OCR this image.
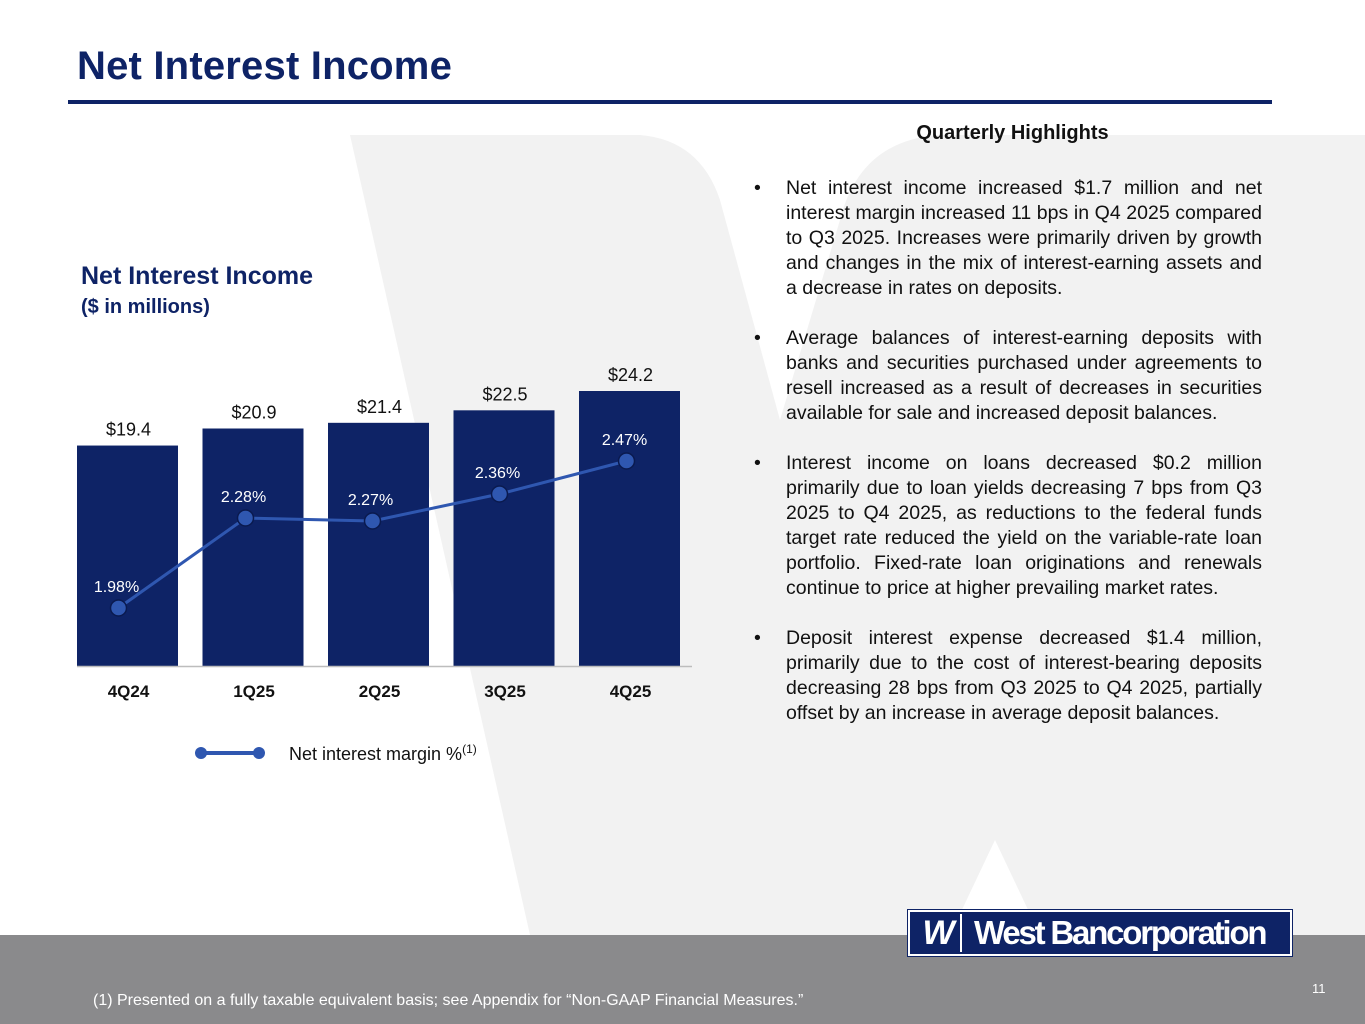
Net Interest Income
Net Interest Income
($ in millions)
$19.4
4Q24
$20.9
1Q25
$21.4
2Q25
$22.5
3Q25
$24.2
4Q25
1.98%
2.28%	2.27%
2.36%
2.47%
Net interest margin %$^{(1)}$
Quarterly Highlights
• Net interest income increased $1.7 million and net interest margin increased 11 bps in Q4 2025 compared to Q3 2025. Increases were primarily driven by growth and changes in the mix of interest-earning assets and a decrease in rates on deposits.
• Average balances of interest-earning deposits with banks and securities purchased under agreements to resell increased as a result of decreases in securities available for sale and increased deposit balances.
• Interest income on loans decreased $0.2 million primarily due to loan yields decreasing 7 bps from Q3 2025 to Q4 2025, as reductions to the federal funds target rate reduced the yield on the variable-rate loan portfolio. Fixed-rate loan originations and renewals continue to price at higher prevailing market rates.
• Deposit interest expense decreased $1.4 million, primarily due to the cost of interest-bearing deposits decreasing 28 bps from Q3 2025 to Q4 2025, partially offset by an increase in average deposit balances.
(1) Presented on a fully taxable equivalent basis; see Appendix for “Non-GAAP Financial Measures.”
11
W West Bancorporation
